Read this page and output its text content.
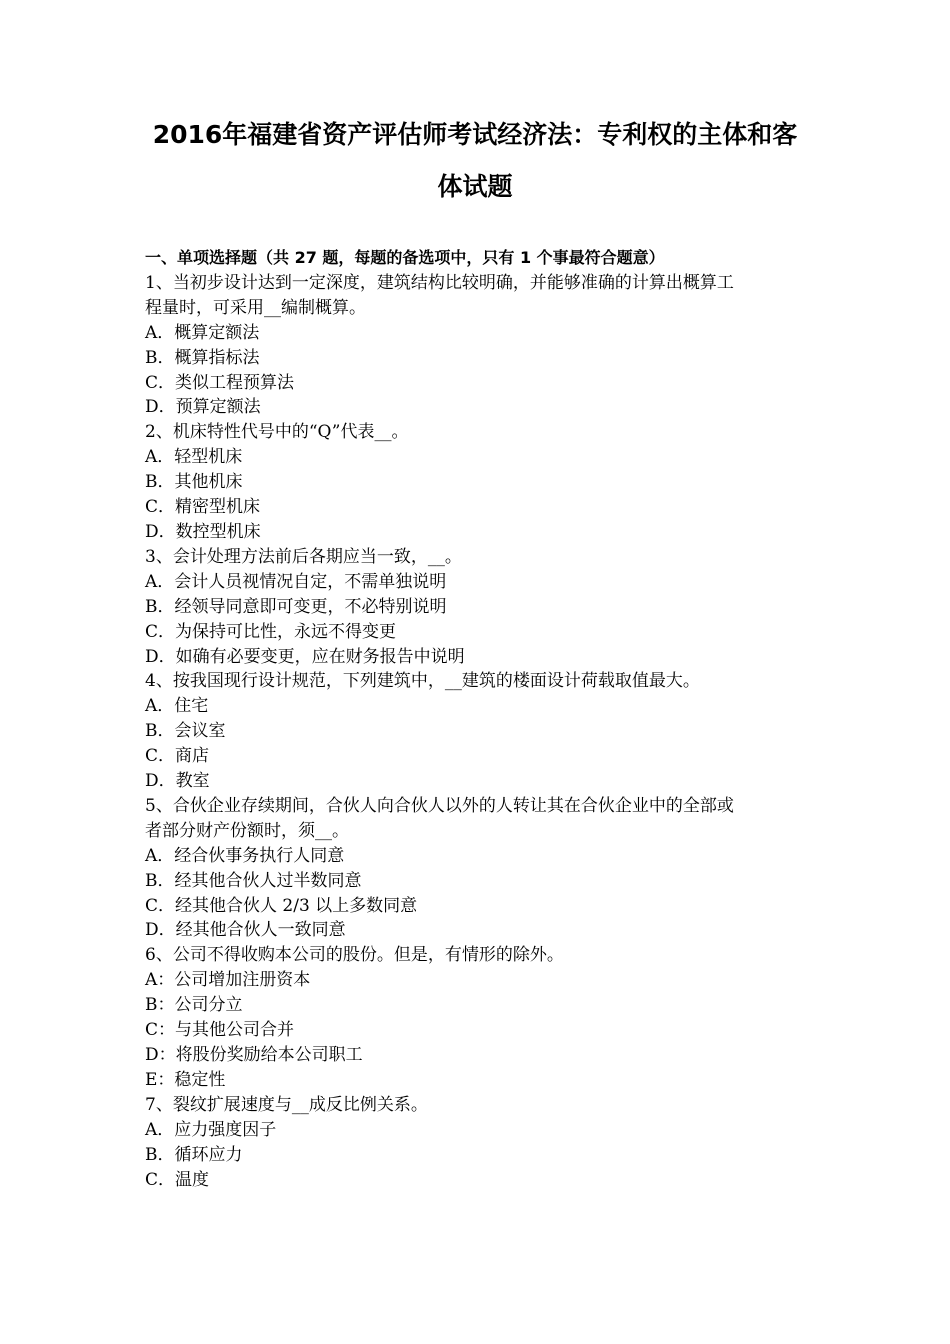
2016年福建省资产评估师考试经济法：专利权的主体和客
体试题
一、单项选择题（共 27 题，每题的备选项中，只有 1 个事最符合题意）
1、当初步设计达到一定深度，建筑结构比较明确，并能够准确的计算出概算工
程量时，可采用__编制概算。
A．概算定额法
B．概算指标法
C．类似工程预算法
D．预算定额法
2、机床特性代号中的“Q”代表__。
A．轻型机床
B．其他机床
C．精密型机床
D．数控型机床
3、会计处理方法前后各期应当一致，__。
A．会计人员视情况自定，不需单独说明
B．经领导同意即可变更，不必特别说明
C．为保持可比性，永远不得变更
D．如确有必要变更，应在财务报告中说明
4、按我国现行设计规范，下列建筑中，__建筑的楼面设计荷载取值最大。
A．住宅
B．会议室
C．商店
D．教室
5、合伙企业存续期间，合伙人向合伙人以外的人转让其在合伙企业中的全部或
者部分财产份额时，须__。
A．经合伙事务执行人同意
B．经其他合伙人过半数同意
C．经其他合伙人 2/3 以上多数同意
D．经其他合伙人一致同意
6、公司不得收购本公司的股份。但是，有情形的除外。
A：公司增加注册资本
B：公司分立
C：与其他公司合并
D：将股份奖励给本公司职工
E：稳定性
7、裂纹扩展速度与__成反比例关系。
A．应力强度因子
B．循环应力
C．温度
